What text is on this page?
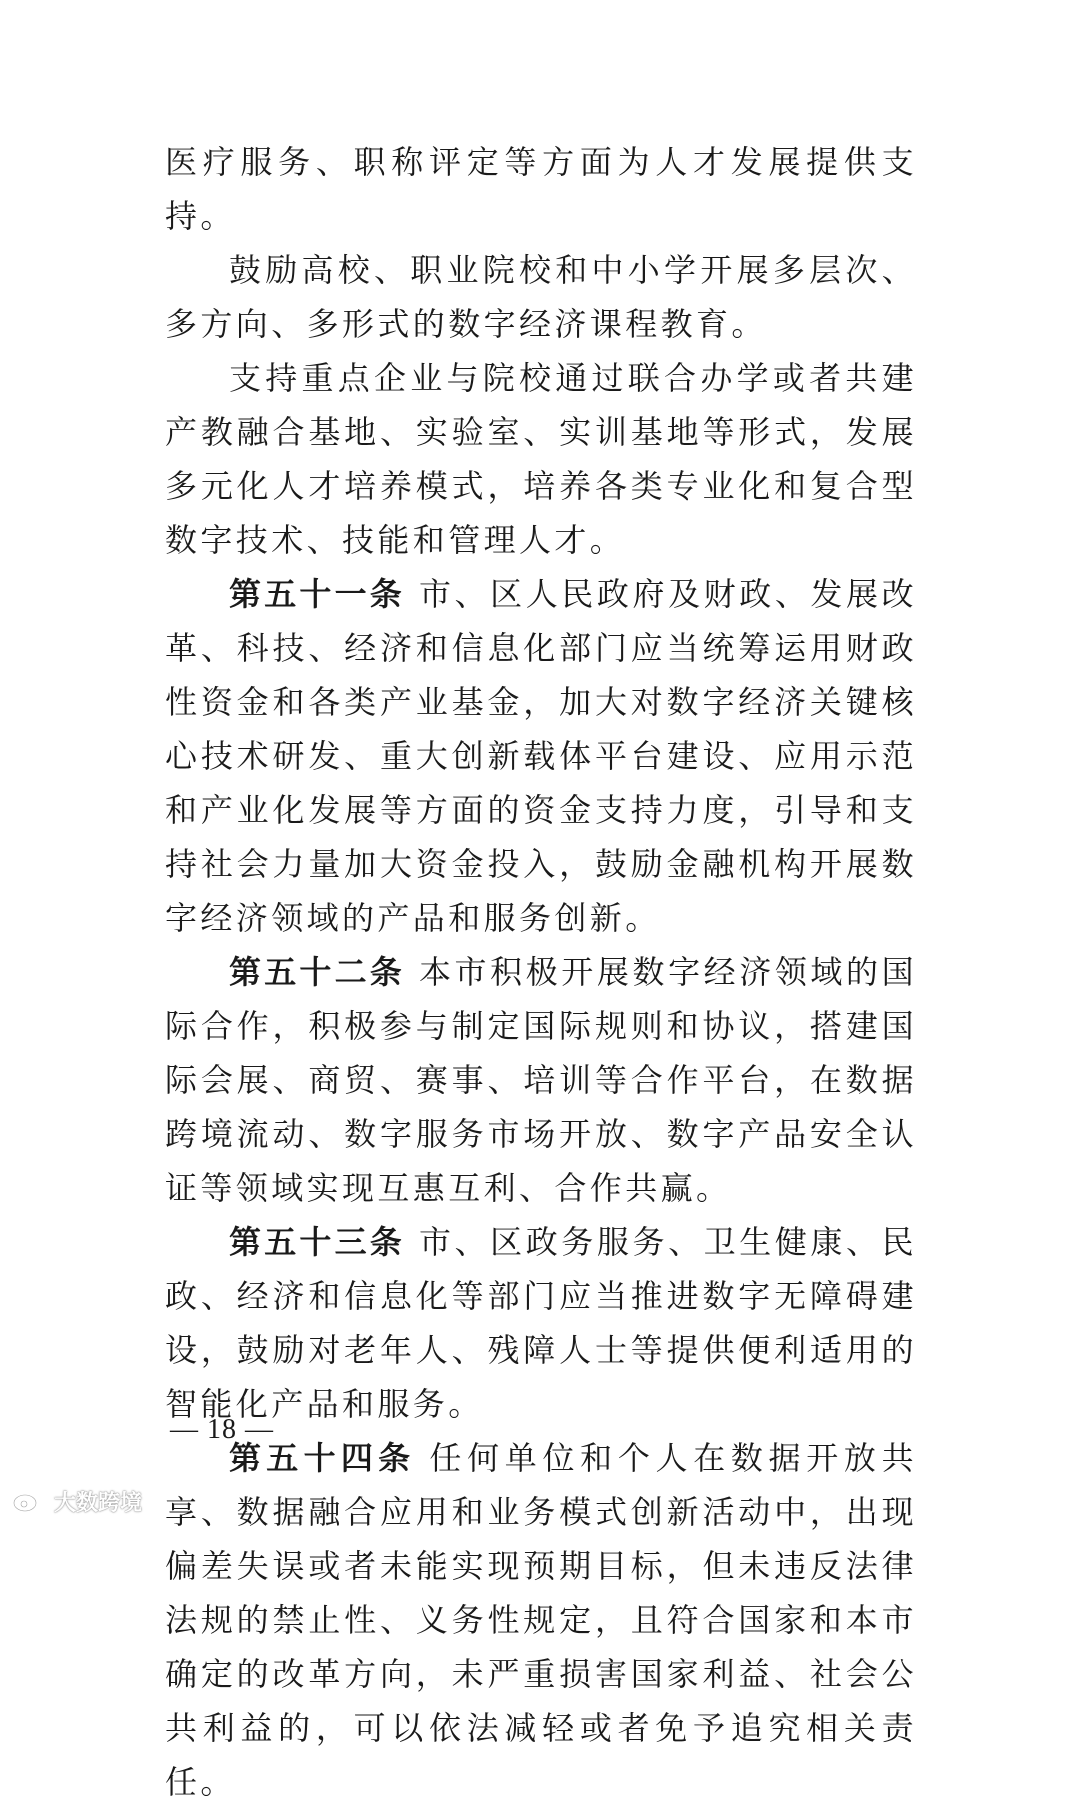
医疗服务、职称评定等方面为人才发展提供支持。

鼓励高校、职业院校和中小学开展多层次、多方向、多形式的数字经济课程教育。

支持重点企业与院校通过联合办学或者共建产教融合基地、实验室、实训基地等形式，发展多元化人才培养模式，培养各类专业化和复合型数字技术、技能和管理人才。

第五十一条 市、区人民政府及财政、发展改革、科技、经济和信息化部门应当统筹运用财政性资金和各类产业基金，加大对数字经济关键核心技术研发、重大创新载体平台建设、应用示范和产业化发展等方面的资金支持力度，引导和支持社会力量加大资金投入，鼓励金融机构开展数字经济领域的产品和服务创新。

第五十二条 本市积极开展数字经济领域的国际合作，积极参与制定国际规则和协议，搭建国际会展、商贸、赛事、培训等合作平台，在数据跨境流动、数字服务市场开放、数字产品安全认证等领域实现互惠互利、合作共赢。

第五十三条 市、区政务服务、卫生健康、民政、经济和信息化等部门应当推进数字无障碍建设，鼓励对老年人、残障人士等提供便利适用的智能化产品和服务。

第五十四条 任何单位和个人在数据开放共享、数据融合应用和业务模式创新活动中，出现偏差失误或者未能实现预期目标，但未违反法律法规的禁止性、义务性规定，且符合国家和本市确定的改革方向，未严重损害国家利益、社会公共利益的，可以依法减轻或者免予追究相关责任。

— 18 —
大数跨境
